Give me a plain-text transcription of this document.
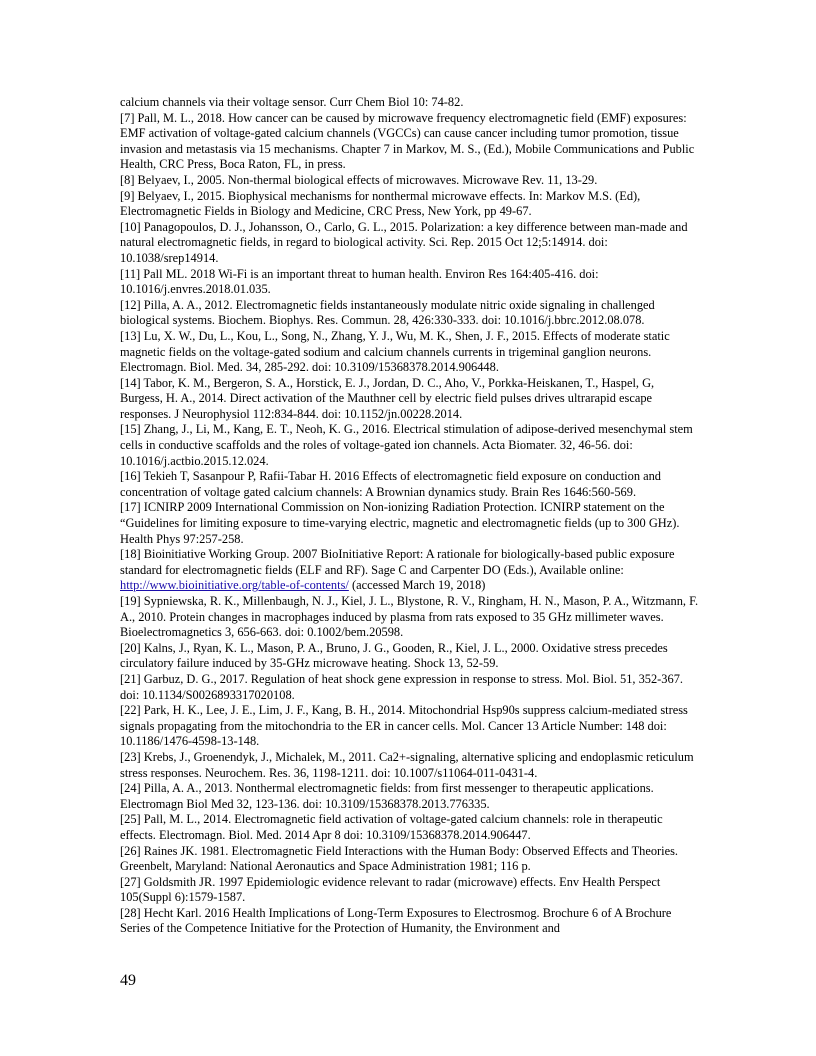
calcium channels via their voltage sensor. Curr Chem Biol 10: 74-82.

[7] Pall, M. L., 2018. How cancer can be caused by microwave frequency electromagnetic field (EMF) exposures: EMF activation of voltage-gated calcium channels (VGCCs) can cause cancer including tumor promotion, tissue invasion and metastasis via 15 mechanisms. Chapter 7 in Markov, M. S., (Ed.), Mobile Communications and Public Health, CRC Press, Boca Raton, FL, in press.

[8] Belyaev, I., 2005. Non-thermal biological effects of microwaves. Microwave Rev. 11, 13-29.

[9] Belyaev, I., 2015. Biophysical mechanisms for nonthermal microwave effects. In: Markov M.S. (Ed), Electromagnetic Fields in Biology and Medicine, CRC Press, New York, pp 49-67.

[10] Panagopoulos, D. J., Johansson, O., Carlo, G. L., 2015. Polarization: a key difference between man-made and natural electromagnetic fields, in regard to biological activity. Sci. Rep. 2015 Oct 12;5:14914. doi: 10.1038/srep14914.

[11] Pall ML. 2018 Wi-Fi is an important threat to human health. Environ Res 164:405-416. doi: 10.1016/j.envres.2018.01.035.

[12] Pilla, A. A., 2012. Electromagnetic fields instantaneously modulate nitric oxide signaling in challenged biological systems. Biochem. Biophys. Res. Commun. 28, 426:330-333. doi: 10.1016/j.bbrc.2012.08.078.

[13] Lu, X. W., Du, L., Kou, L., Song, N., Zhang, Y. J., Wu, M. K., Shen, J. F., 2015. Effects of moderate static magnetic fields on the voltage-gated sodium and calcium channels currents in trigeminal ganglion neurons. Electromagn. Biol. Med. 34, 285-292. doi: 10.3109/15368378.2014.906448.

[14] Tabor, K. M., Bergeron, S. A., Horstick, E. J., Jordan, D. C., Aho, V., Porkka-Heiskanen, T., Haspel, G, Burgess, H. A., 2014. Direct activation of the Mauthner cell by electric field pulses drives ultrarapid escape responses. J Neurophysiol 112:834-844. doi: 10.1152/jn.00228.2014.

[15] Zhang, J., Li, M., Kang, E. T., Neoh, K. G., 2016. Electrical stimulation of adipose-derived mesenchymal stem cells in conductive scaffolds and the roles of voltage-gated ion channels. Acta Biomater. 32, 46-56. doi: 10.1016/j.actbio.2015.12.024.

[16] Tekieh T, Sasanpour P, Rafii-Tabar H. 2016 Effects of electromagnetic field exposure on conduction and concentration of voltage gated calcium channels: A Brownian dynamics study. Brain Res 1646:560-569.

[17] ICNIRP 2009 International Commission on Non-ionizing Radiation Protection. ICNIRP statement on the “Guidelines for limiting exposure to time-varying electric, magnetic and electromagnetic fields (up to 300 GHz). Health Phys 97:257-258.

[18] Bioinitiative Working Group. 2007 BioInitiative Report: A rationale for biologically-based public exposure standard for electromagnetic fields (ELF and RF). Sage C and Carpenter DO (Eds.), Available online: http://www.bioinitiative.org/table-of-contents/ (accessed March 19, 2018)

[19] Sypniewska, R. K., Millenbaugh, N. J., Kiel, J. L., Blystone, R. V., Ringham, H. N., Mason, P. A., Witzmann, F. A., 2010. Protein changes in macrophages induced by plasma from rats exposed to 35 GHz millimeter waves. Bioelectromagnetics 3, 656-663. doi: 0.1002/bem.20598.

[20] Kalns, J., Ryan, K. L., Mason, P. A., Bruno, J. G., Gooden, R., Kiel, J. L., 2000. Oxidative stress precedes circulatory failure induced by 35-GHz microwave heating. Shock 13, 52-59.

[21] Garbuz, D. G., 2017. Regulation of heat shock gene expression in response to stress. Mol. Biol. 51, 352-367. doi: 10.1134/S0026893317020108.

[22] Park, H. K., Lee, J. E., Lim, J. F., Kang, B. H., 2014. Mitochondrial Hsp90s suppress calcium-mediated stress signals propagating from the mitochondria to the ER in cancer cells. Mol. Cancer 13 Article Number: 148 doi: 10.1186/1476-4598-13-148.

[23] Krebs, J., Groenendyk, J., Michalek, M., 2011. Ca2+-signaling, alternative splicing and endoplasmic reticulum stress responses. Neurochem. Res. 36, 1198-1211. doi: 10.1007/s11064-011-0431-4.

[24] Pilla, A. A., 2013. Nonthermal electromagnetic fields: from first messenger to therapeutic applications. Electromagn Biol Med 32, 123-136. doi: 10.3109/15368378.2013.776335.

[25] Pall, M. L., 2014. Electromagnetic field activation of voltage-gated calcium channels: role in therapeutic effects. Electromagn. Biol. Med. 2014 Apr 8 doi: 10.3109/15368378.2014.906447.

[26] Raines JK. 1981. Electromagnetic Field Interactions with the Human Body: Observed Effects and Theories. Greenbelt, Maryland: National Aeronautics and Space Administration 1981; 116 p.

[27] Goldsmith JR. 1997 Epidemiologic evidence relevant to radar (microwave) effects. Env Health Perspect 105(Suppl 6):1579-1587.

[28] Hecht Karl. 2016 Health Implications of Long-Term Exposures to Electrosmog. Brochure 6 of A Brochure Series of the Competence Initiative for the Protection of Humanity, the Environment and

49
